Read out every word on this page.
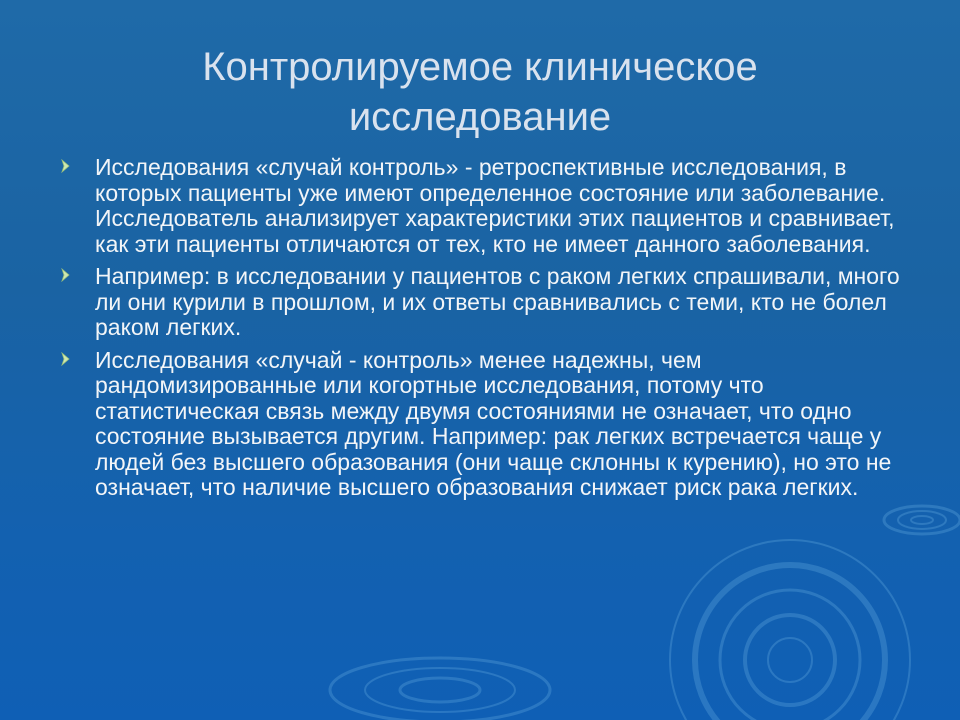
Контролируемое клиническое
исследование
Исследования «случай контроль» - ретроспективные исследования, в которых пациенты уже имеют определенное состояние или заболевание. Исследователь анализирует характеристики этих пациентов и сравнивает, как эти пациенты отличаются от тех, кто не имеет данного заболевания.
Например: в исследовании у пациентов с раком легких спрашивали, много ли они курили в прошлом, и их ответы сравнивались с теми, кто не болел раком легких.
Исследования «случай - контроль» менее надежны, чем рандомизированные или когортные исследования, потому что статистическая связь между двумя состояниями не означает, что одно состояние вызывается другим. Например: рак легких встречается чаще у людей без высшего образования (они чаще склонны к курению), но это не означает, что наличие высшего образования снижает риск рака легких.
